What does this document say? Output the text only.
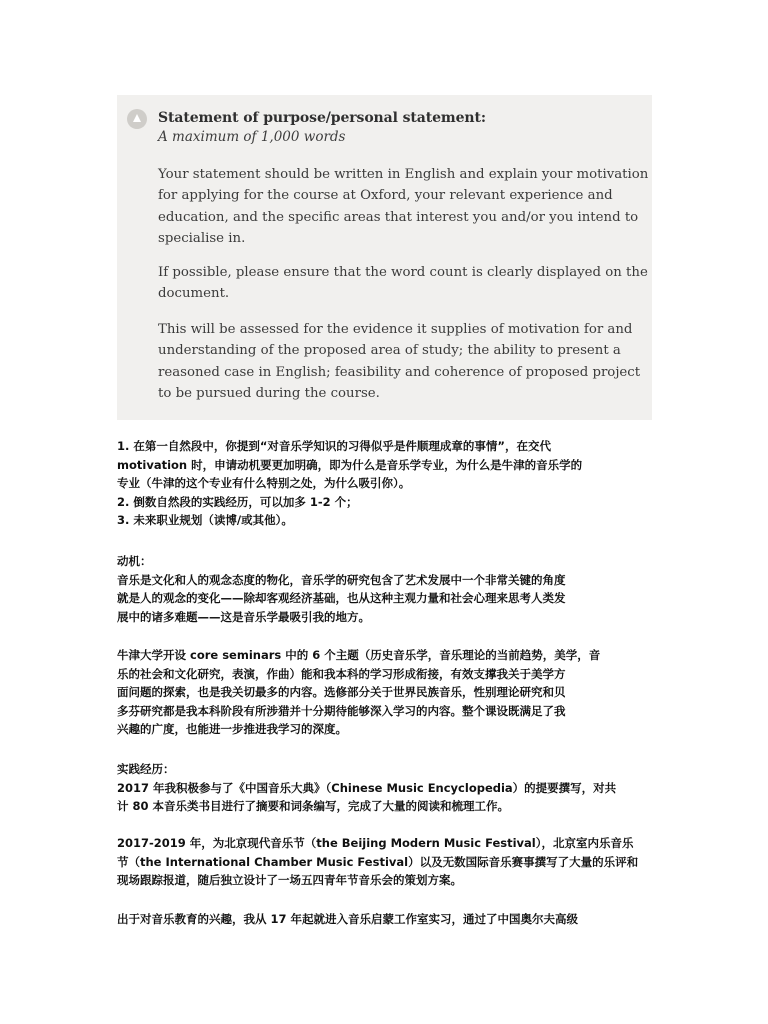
Statement of purpose/personal statement:
A maximum of 1,000 words

Your statement should be written in English and explain your motivation
for applying for the course at Oxford, your relevant experience and
education, and the specific areas that interest you and/or you intend to
specialise in.

If possible, please ensure that the word count is clearly displayed on the
document.

This will be assessed for the evidence it supplies of motivation for and
understanding of the proposed area of study; the ability to present a
reasoned case in English; feasibility and coherence of proposed project
to be pursued during the course.

1. 在第一自然段中，你提到“对音乐学知识的习得似乎是件顺理成章的事情”，在交代
motivation 时，申请动机要更加明确，即为什么是音乐学专业，为什么是牛津的音乐学的
专业（牛津的这个专业有什么特别之处，为什么吸引你）。
2. 倒数自然段的实践经历，可以加多 1-2 个；
3. 未来职业规划（读博/或其他）。
动机：
音乐是文化和人的观念态度的物化，音乐学的研究包含了艺术发展中一个非常关键的角度
就是人的观念的变化——除却客观经济基础，也从这种主观力量和社会心理来思考人类发
展中的诸多难题——这是音乐学最吸引我的地方。
牛津大学开设 core seminars 中的 6 个主题（历史音乐学，音乐理论的当前趋势，美学，音
乐的社会和文化研究，表演，作曲）能和我本科的学习形成衔接，有效支撑我关于美学方
面问题的探索，也是我关切最多的内容。选修部分关于世界民族音乐，性别理论研究和贝
多芬研究都是我本科阶段有所涉猎并十分期待能够深入学习的内容。整个课设既满足了我
兴趣的广度，也能进一步推进我学习的深度。
实践经历：
2017 年我积极参与了《中国音乐大典》（Chinese Music Encyclopedia）的提要撰写，对共
计 80 本音乐类书目进行了摘要和词条编写，完成了大量的阅读和梳理工作。
2017-2019 年，为北京现代音乐节（the Beijing Modern Music Festival），北京室内乐音乐
节（the International Chamber Music Festival）以及无数国际音乐赛事撰写了大量的乐评和
现场跟踪报道，随后独立设计了一场五四青年节音乐会的策划方案。
出于对音乐教育的兴趣，我从 17 年起就进入音乐启蒙工作室实习，通过了中国奥尔夫高级
